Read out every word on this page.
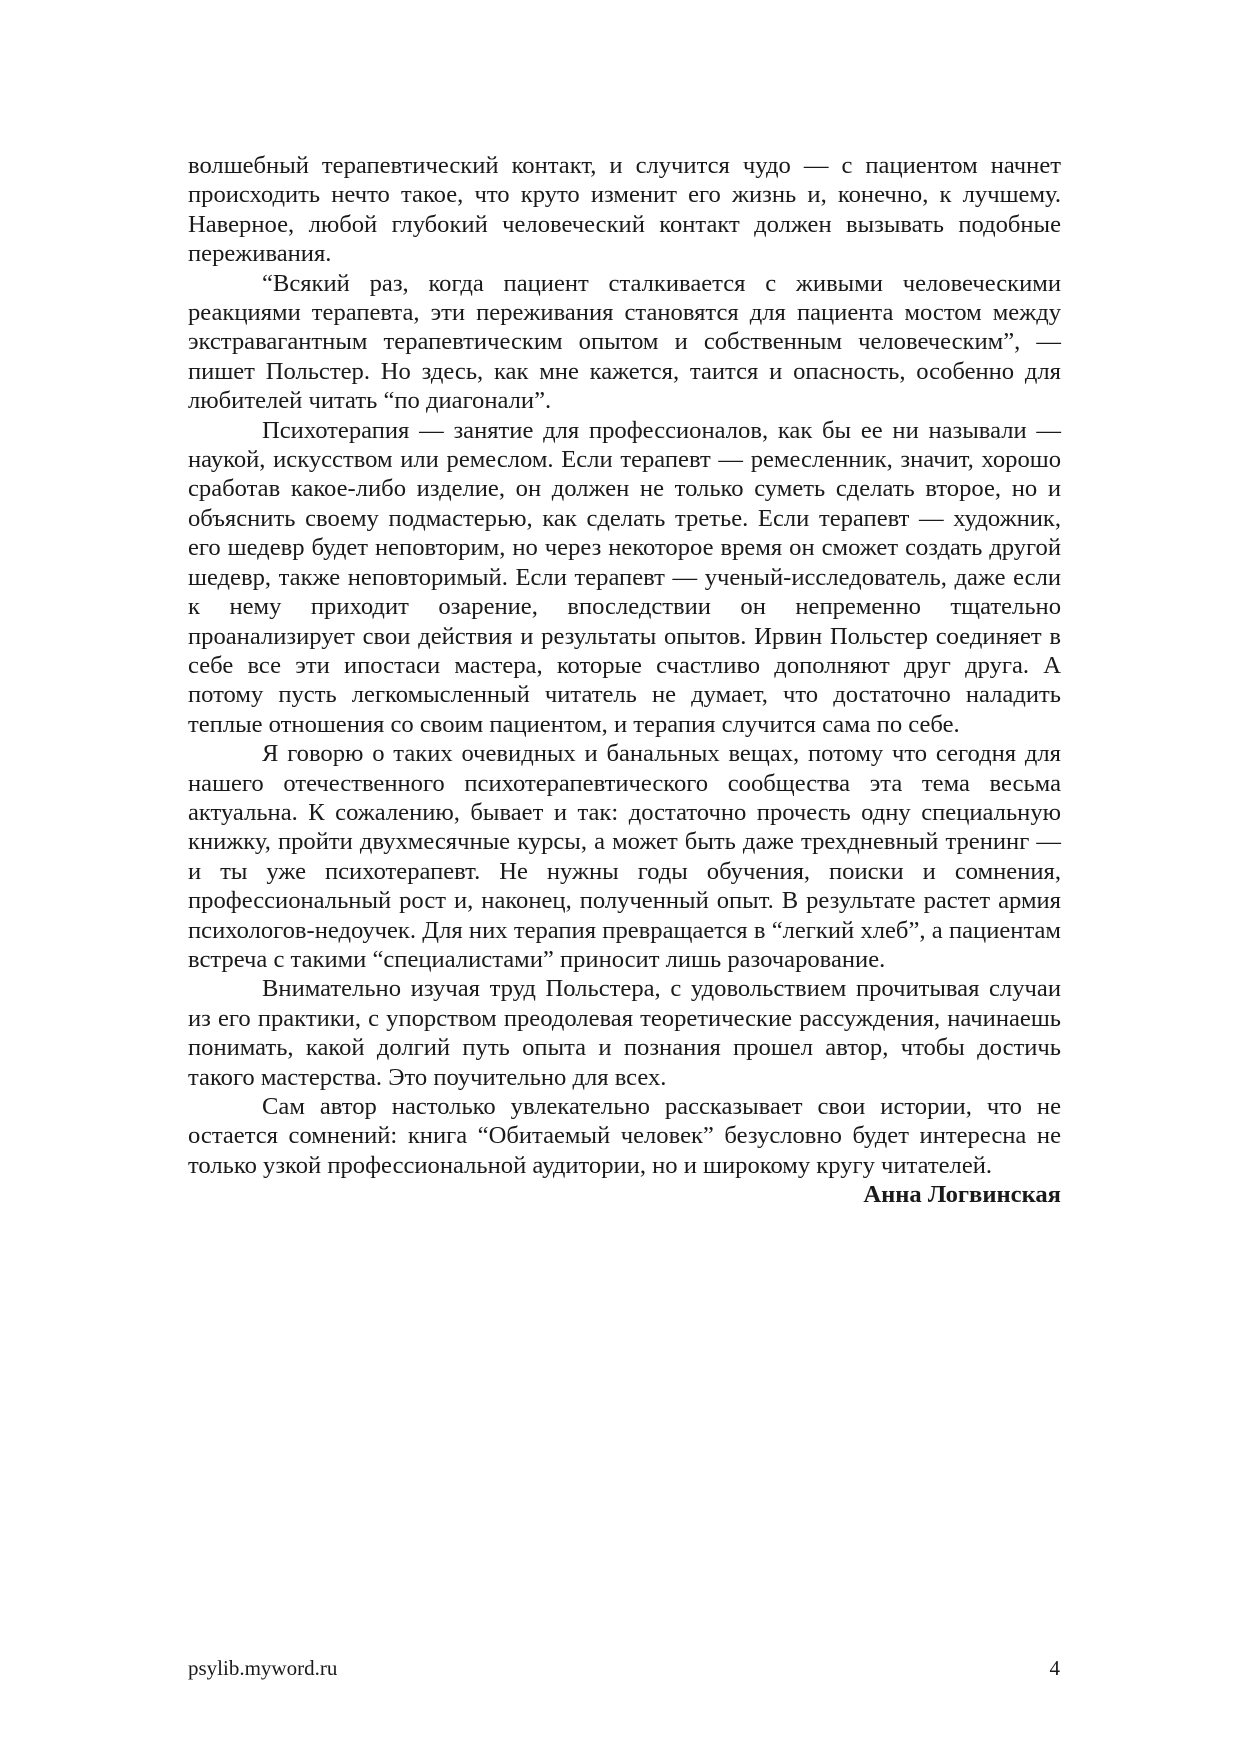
волшебный терапевтический контакт, и случится чудо — с пациентом начнет происходить нечто такое, что круто изменит его жизнь и, конечно, к лучшему. Наверное, любой глубокий человеческий контакт должен вызывать подобные переживания.

“Всякий раз, когда пациент сталкивается с живыми человеческими реакциями терапевта, эти переживания становятся для пациента мостом между экстравагантным терапевтическим опытом и собственным человеческим”, — пишет Польстер. Но здесь, как мне кажется, таится и опасность, особенно для любителей читать “по диагонали”.

Психотерапия — занятие для профессионалов, как бы ее ни называли — наукой, искусством или ремеслом. Если терапевт — ремесленник, значит, хорошо сработав какое-либо изделие, он должен не только суметь сделать второе, но и объяснить своему подмастерью, как сделать третье. Если терапевт — художник, его шедевр будет неповторим, но через некоторое время он сможет создать другой шедевр, также неповторимый. Если терапевт — ученый-исследователь, даже если к нему приходит озарение, впоследствии он непременно тщательно проанализирует свои действия и результаты опытов. Ирвин Польстер соединяет в себе все эти ипостаси мастера, которые счастливо дополняют друг друга. А потому пусть легкомысленный читатель не думает, что достаточно наладить теплые отношения со своим пациентом, и терапия случится сама по себе.

Я говорю о таких очевидных и банальных вещах, потому что сегодня для нашего отечественного психотерапевтического сообщества эта тема весьма актуальна. К сожалению, бывает и так: достаточно прочесть одну специальную книжку, пройти двухмесячные курсы, а может быть даже трехдневный тренинг — и ты уже психотерапевт. Не нужны годы обучения, поиски и сомнения, профессиональный рост и, наконец, полученный опыт. В результате растет армия психологов-недоучек. Для них терапия превращается в “легкий хлеб”, а пациентам встреча с такими “специалистами” приносит лишь разочарование.

Внимательно изучая труд Польстера, с удовольствием прочитывая случаи из его практики, с упорством преодолевая теоретические рассуждения, начинаешь понимать, какой долгий путь опыта и познания прошел автор, чтобы достичь такого мастерства. Это поучительно для всех.

Сам автор настолько увлекательно рассказывает свои истории, что не остается сомнений: книга “Обитаемый человек” безусловно будет интересна не только узкой профессиональной аудитории, но и широкому кругу читателей.

Анна Логвинская

psylib.myword.ru	4
